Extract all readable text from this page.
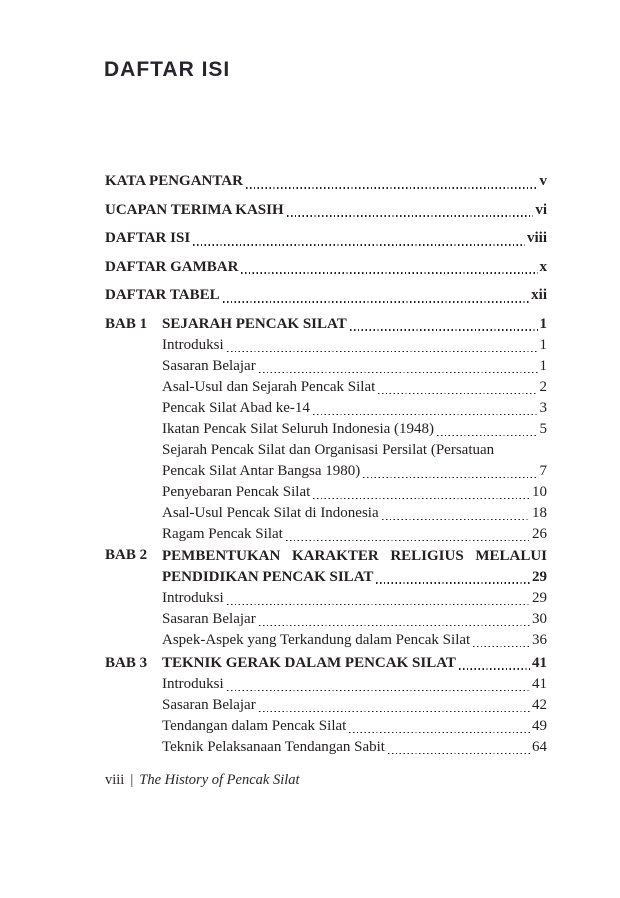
DAFTAR ISI
KATA PENGANTAR	v
UCAPAN TERIMA KASIH	vi
DAFTAR ISI	viii
DAFTAR GAMBAR	x
DAFTAR TABEL	xii
BAB 1 SEJARAH PENCAK SILAT	1
Introduksi	1
Sasaran Belajar	1
Asal-Usul dan Sejarah Pencak Silat	2
Pencak Silat Abad ke-14	3
Ikatan Pencak Silat Seluruh Indonesia (1948)	5
Sejarah Pencak Silat dan Organisasi Persilat (Persatuan
Pencak Silat Antar Bangsa 1980)	7
Penyebaran Pencak Silat	10
Asal-Usul Pencak Silat di Indonesia	18
Ragam Pencak Silat	26
BAB 2 PEMBENTUKAN KARAKTER RELIGIUS MELALUI
PENDIDIKAN PENCAK SILAT	29
Introduksi	29
Sasaran Belajar	30
Aspek-Aspek yang Terkandung dalam Pencak Silat	36
BAB 3 TEKNIK GERAK DALAM PENCAK SILAT	41
Introduksi	41
Sasaran Belajar	42
Tendangan dalam Pencak Silat	49
Teknik Pelaksanaan Tendangan Sabit	64
viii | The History of Pencak Silat
